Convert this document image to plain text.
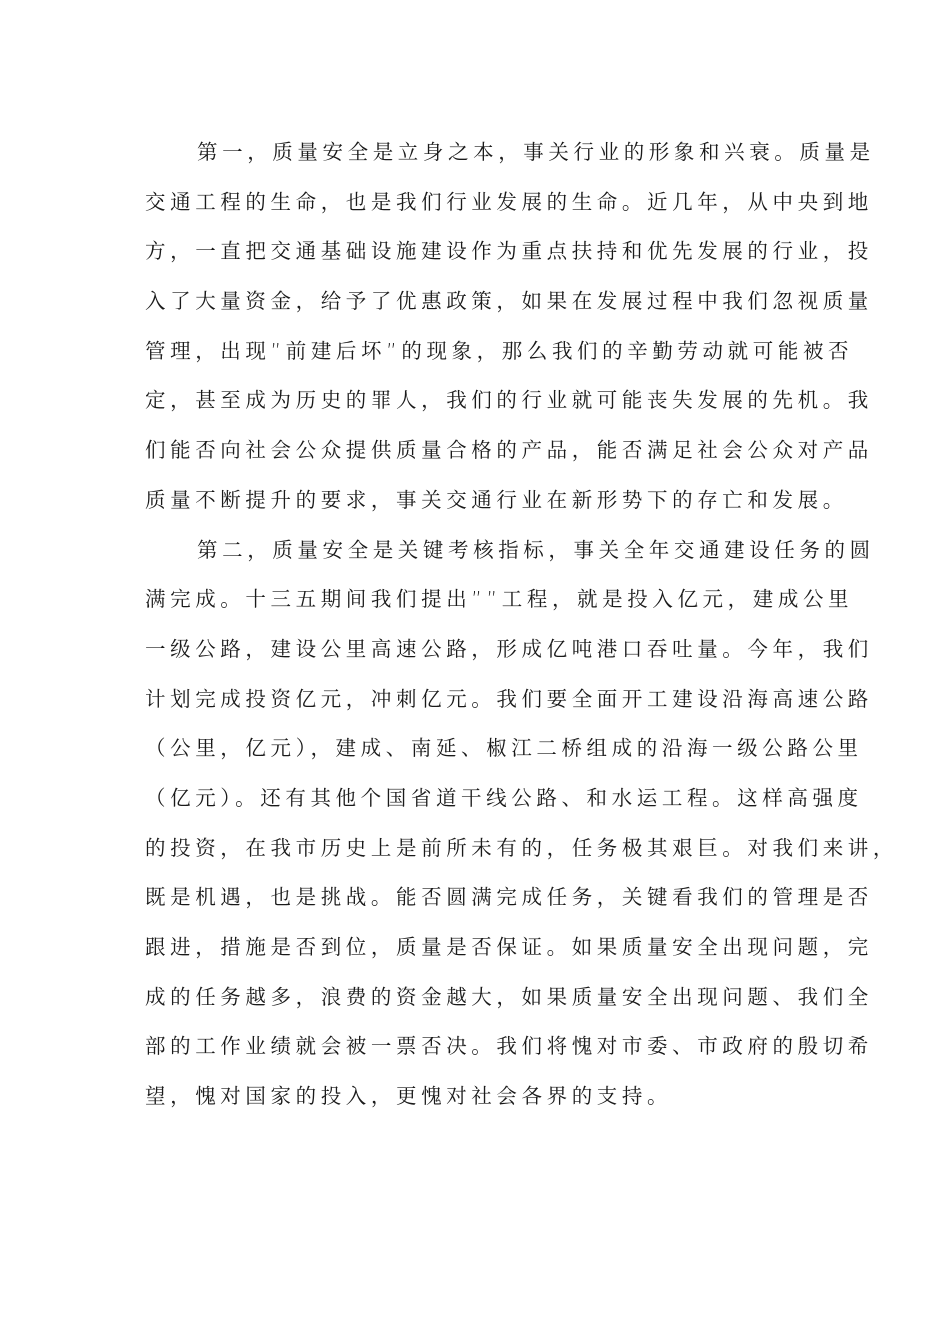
第一，质量安全是立身之本，事关行业的形象和兴衰。质量是
交通工程的生命，也是我们行业发展的生命。近几年，从中央到地
方，一直把交通基础设施建设作为重点扶持和优先发展的行业，投
入了大量资金，给予了优惠政策，如果在发展过程中我们忽视质量
管理，出现”前建后坏”的现象，那么我们的辛勤劳动就可能被否
定，甚至成为历史的罪人，我们的行业就可能丧失发展的先机。我
们能否向社会公众提供质量合格的产品，能否满足社会公众对产品
质量不断提升的要求，事关交通行业在新形势下的存亡和发展。
第二，质量安全是关键考核指标，事关全年交通建设任务的圆
满完成。十三五期间我们提出””工程，就是投入亿元，建成公里
一级公路，建设公里高速公路，形成亿吨港口吞吐量。今年，我们
计划完成投资亿元，冲刺亿元。我们要全面开工建设沿海高速公路
（公里，亿元），建成、南延、椒江二桥组成的沿海一级公路公里
（亿元）。还有其他个国省道干线公路、和水运工程。这样高强度
的投资，在我市历史上是前所未有的，任务极其艰巨。对我们来讲，
既是机遇，也是挑战。能否圆满完成任务，关键看我们的管理是否
跟进，措施是否到位，质量是否保证。如果质量安全出现问题，完
成的任务越多，浪费的资金越大，如果质量安全出现问题、我们全
部的工作业绩就会被一票否决。我们将愧对市委、市政府的殷切希
望，愧对国家的投入，更愧对社会各界的支持。
